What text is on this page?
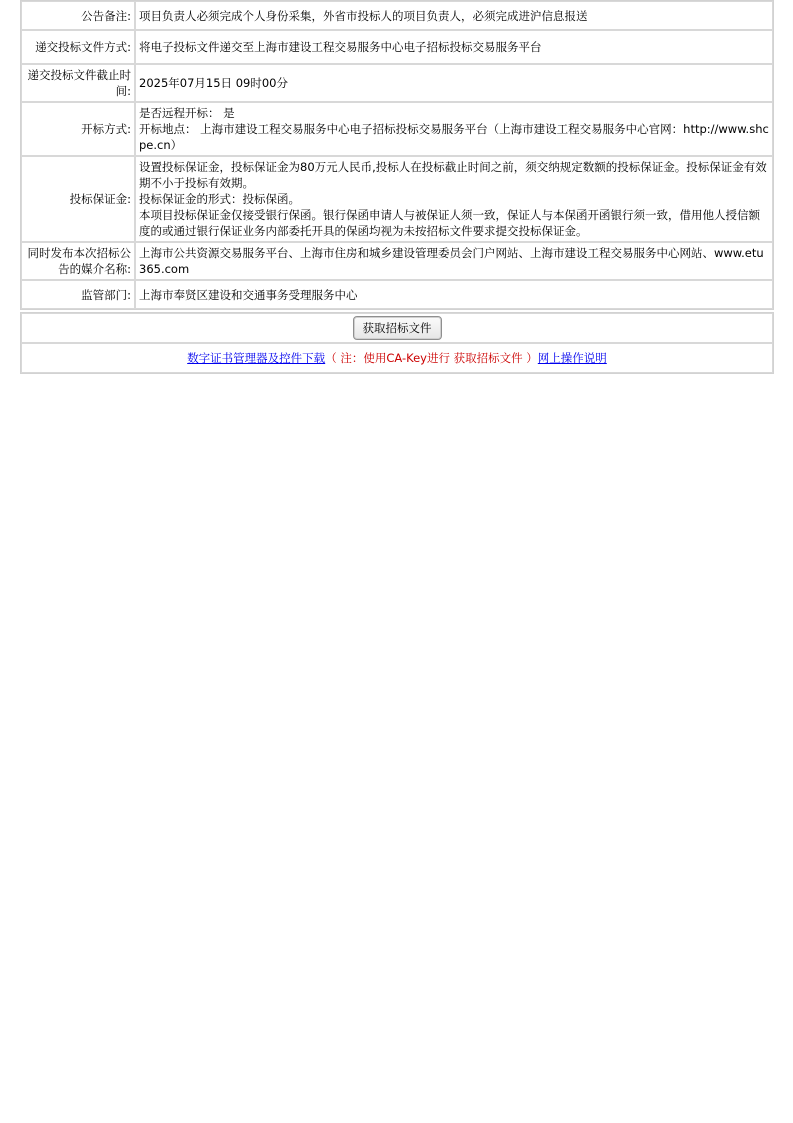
公告备注:	项目负责人必须完成个人身份采集，外省市投标人的项目负责人，必须完成进沪信息报送

递交投标文件方式:	将电子投标文件递交至上海市建设工程交易服务中心电子招标投标交易服务平台

递交投标文件截止时间:	2025年07月15日 09时00分

开标方式:	是否远程开标： 是
开标地点： 上海市建设工程交易服务中心电子招标投标交易服务平台（上海市建设工程交易服务中心官网：http://www.shcpe.cn）

投标保证金:	设置投标保证金，投标保证金为80万元人民币,投标人在投标截止时间之前，须交纳规定数额的投标保证金。投标保证金有效期不小于投标有效期。
投标保证金的形式：投标保函。
本项目投标保证金仅接受银行保函。银行保函申请人与被保证人须一致，保证人与本保函开函银行须一致，借用他人授信额度的或通过银行保证业务内部委托开具的保函均视为未按招标文件要求提交投标保证金。

同时发布本次招标公告的媒介名称:	上海市公共资源交易服务平台、上海市住房和城乡建设管理委员会门户网站、上海市建设工程交易服务中心网站、www.etu365.com

监管部门:	上海市奉贤区建设和交通事务受理服务中心
获取招标文件
数字证书管理器及控件下载（ 注：使用CA-Key进行 获取招标文件 ）网上操作说明
